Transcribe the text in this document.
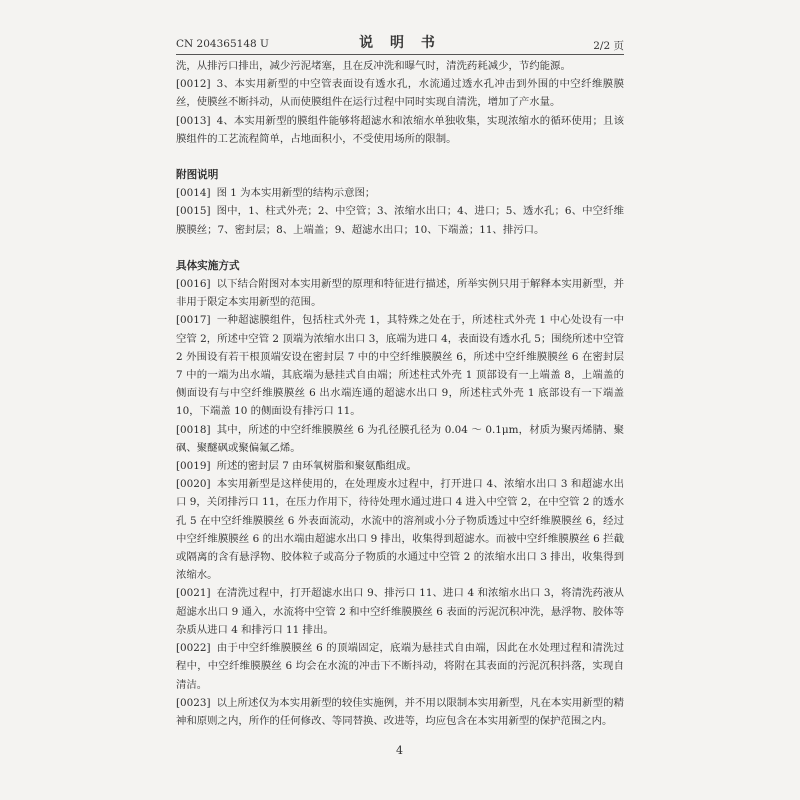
CN 204365148 U	说 明 书	2/2 页

洗，从排污口排出，减少污泥堵塞，且在反冲洗和曝气时，清洗药耗减少，节约能源。

[0012] 3、本实用新型的中空管表面设有透水孔，水流通过透水孔冲击到外围的中空纤维膜膜丝，使膜丝不断抖动，从而使膜组件在运行过程中同时实现自清洗，增加了产水量。

[0013] 4、本实用新型的膜组件能够将超滤水和浓缩水单独收集，实现浓缩水的循环使用；且该膜组件的工艺流程简单，占地面积小，不受使用场所的限制。

附图说明

[0014] 图 1 为本实用新型的结构示意图；

[0015] 图中，1、柱式外壳；2、中空管；3、浓缩水出口；4、进口；5、透水孔；6、中空纤维膜膜丝；7、密封层；8、上端盖；9、超滤水出口；10、下端盖；11、排污口。

具体实施方式

[0016] 以下结合附图对本实用新型的原理和特征进行描述，所举实例只用于解释本实用新型，并非用于限定本实用新型的范围。

[0017] 一种超滤膜组件，包括柱式外壳 1，其特殊之处在于，所述柱式外壳 1 中心处设有一中空管 2，所述中空管 2 顶端为浓缩水出口 3，底端为进口 4，表面设有透水孔 5；围绕所述中空管 2 外围设有若干根顶端安设在密封层 7 中的中空纤维膜膜丝 6，所述中空纤维膜膜丝 6 在密封层 7 中的一端为出水端，其底端为悬挂式自由端；所述柱式外壳 1 顶部设有一上端盖 8，上端盖的侧面设有与中空纤维膜膜丝 6 出水端连通的超滤水出口 9，所述柱式外壳 1 底部设有一下端盖 10，下端盖 10 的侧面设有排污口 11。

[0018] 其中，所述的中空纤维膜膜丝 6 为孔径膜孔径为 0.04 ～ 0.1μm，材质为聚丙烯腈、聚砜、聚醚砜或聚偏氟乙烯。

[0019] 所述的密封层 7 由环氧树脂和聚氨酯组成。

[0020] 本实用新型是这样使用的，在处理废水过程中，打开进口 4、浓缩水出口 3 和超滤水出口 9，关闭排污口 11，在压力作用下，待待处理水通过进口 4 进入中空管 2，在中空管 2 的透水孔 5 在中空纤维膜膜丝 6 外表面流动，水流中的溶剂或小分子物质透过中空纤维膜膜丝 6，经过中空纤维膜膜丝 6 的出水端由超滤水出口 9 排出，收集得到超滤水。而被中空纤维膜膜丝 6 拦截或隔离的含有悬浮物、胶体粒子或高分子物质的水通过中空管 2 的浓缩水出口 3 排出，收集得到浓缩水。

[0021] 在清洗过程中，打开超滤水出口 9、排污口 11、进口 4 和浓缩水出口 3，将清洗药液从超滤水出口 9 通入，水流将中空管 2 和中空纤维膜膜丝 6 表面的污泥沉积冲洗，悬浮物、胶体等杂质从进口 4 和排污口 11 排出。

[0022] 由于中空纤维膜膜丝 6 的顶端固定，底端为悬挂式自由端，因此在水处理过程和清洗过程中，中空纤维膜膜丝 6 均会在水流的冲击下不断抖动，将附在其表面的污泥沉积抖落，实现自清洁。

[0023] 以上所述仅为本实用新型的较佳实施例，并不用以限制本实用新型，凡在本实用新型的精神和原则之内，所作的任何修改、等同替换、改进等，均应包含在本实用新型的保护范围之内。

4
